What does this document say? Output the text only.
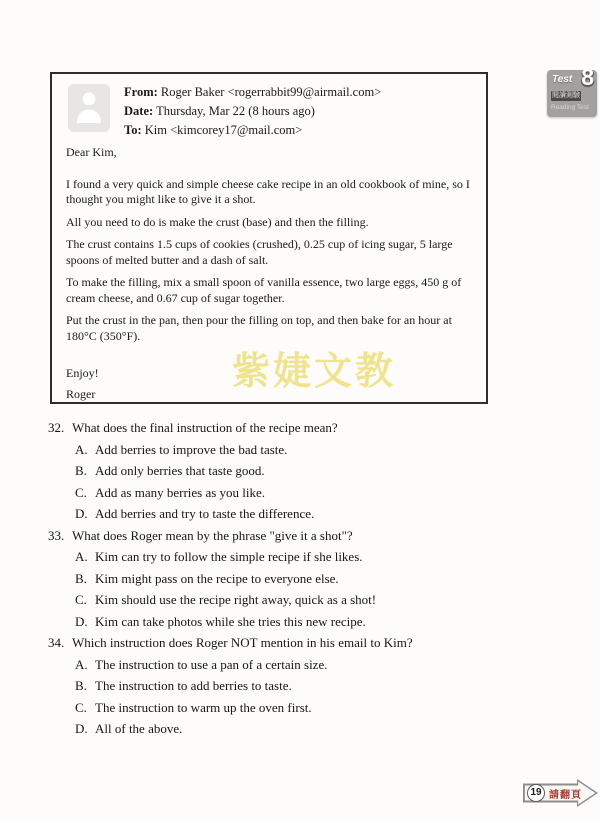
Test 8
閱讀測驗
Reading Test
From: Roger Baker <rogerrabbit99@airmail.com>
Date: Thursday, Mar 22 (8 hours ago)
To: Kim <kimcorey17@mail.com>
Dear Kim,

I found a very quick and simple cheese cake recipe in an old cookbook of mine, so I thought you might like to give it a shot.

All you need to do is make the crust (base) and then the filling.

The crust contains 1.5 cups of cookies (crushed), 0.25 cup of icing sugar, 5 large spoons of melted butter and a dash of salt.

To make the filling, mix a small spoon of vanilla essence, two large eggs, 450 g of cream cheese, and 0.67 cup of sugar together.

Put the crust in the pan, then pour the filling on top, and then bake for an hour at 180°C (350°F).

Enjoy!
Roger
紫婕文教
32. What does the final instruction of the recipe mean?
A. Add berries to improve the bad taste.
B. Add only berries that taste good.
C. Add as many berries as you like.
D. Add berries and try to taste the difference.
33. What does Roger mean by the phrase "give it a shot"?
A. Kim can try to follow the simple recipe if she likes.
B. Kim might pass on the recipe to everyone else.
C. Kim should use the recipe right away, quick as a shot!
D. Kim can take photos while she tries this new recipe.
34. Which instruction does Roger NOT mention in his email to Kim?
A. The instruction to use a pan of a certain size.
B. The instruction to add berries to taste.
C. The instruction to warm up the oven first.
D. All of the above.
19 請翻頁
